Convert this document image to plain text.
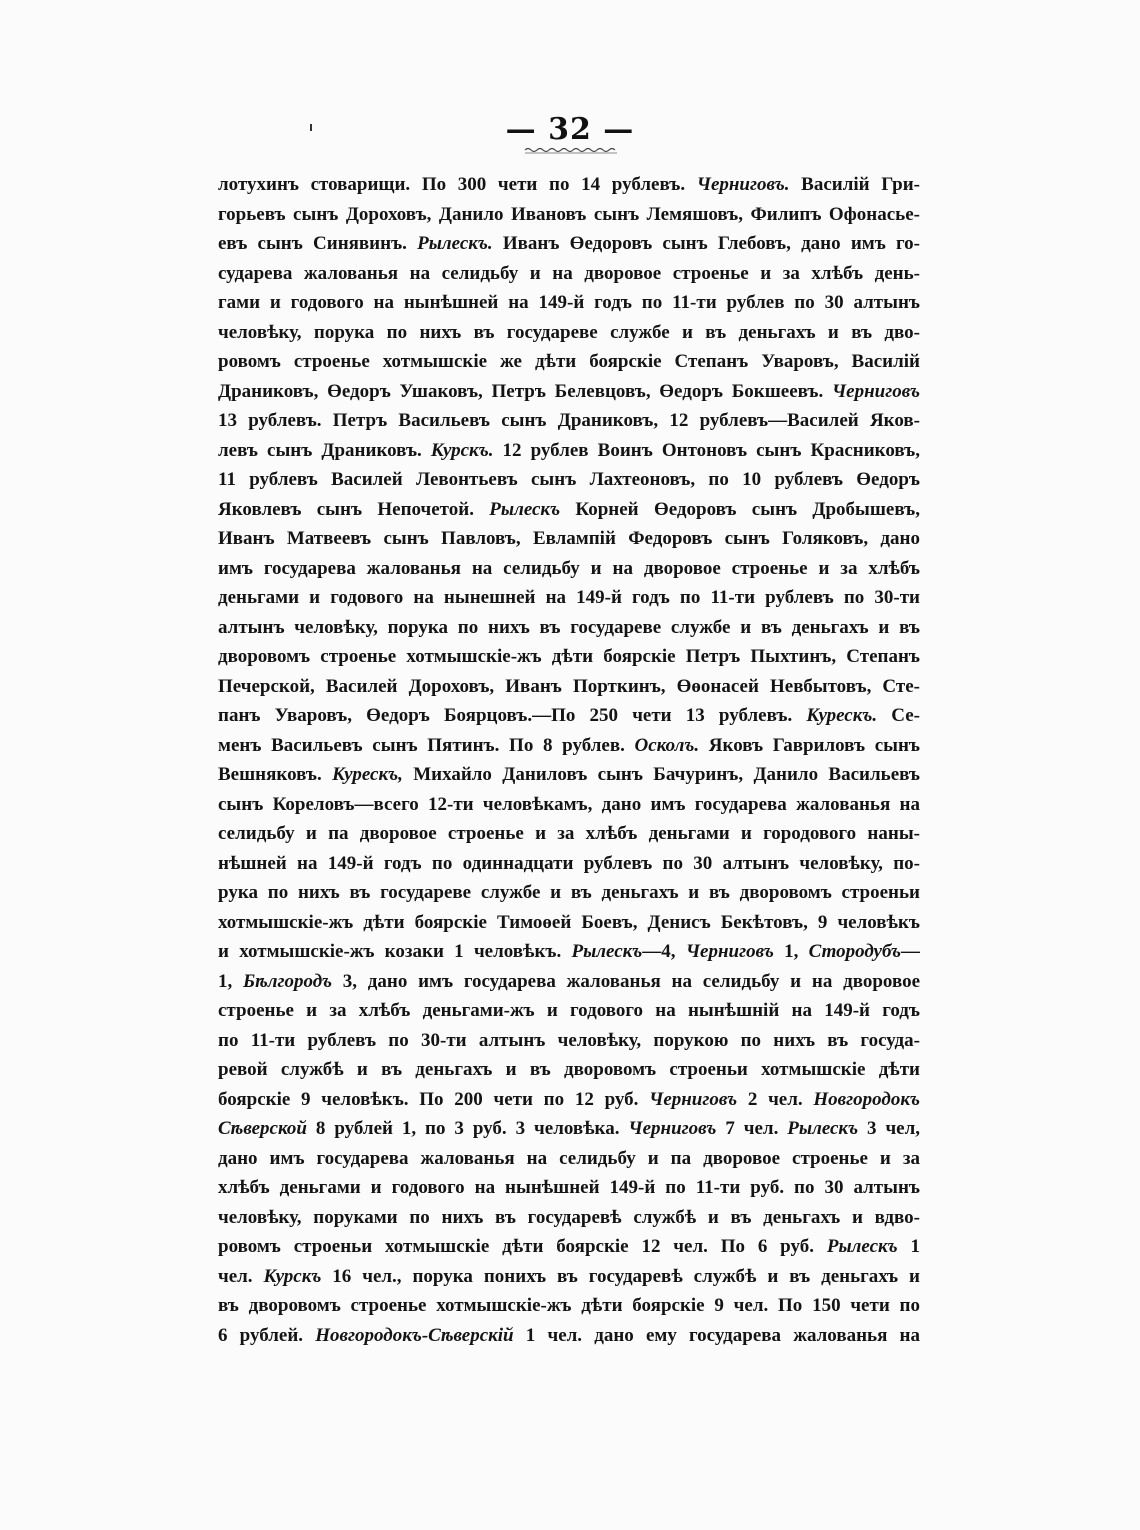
— 32 —
лотухинъ стоварищи. По 300 чети по 14 рублевъ. Черниговъ. Василій Гри-
горьевъ сынъ Дороховъ, Данило Ивановъ сынъ Лемяшовъ, Филипъ Офонасье-
евъ сынъ Синявинъ. Рылескъ. Иванъ Өедоровъ сынъ Глебовъ, дано имъ го-
сударева жалованья на селидьбу и на дворовое строенье и за хлѣбъ день-
гами и годового на нынѣшней на 149-й годъ по 11-ти рублев по 30 алтынъ
человѣку, порука по нихъ въ государеве службе и въ деньгахъ и въ дво-
ровомъ строенье хотмышскіе же дѣти боярскіе Степанъ Уваровъ, Василій
Драниковъ, Өедоръ Ушаковъ, Петръ Белевцовъ, Өедоръ Бокшеевъ. Черниговъ
13 рублевъ. Петръ Васильевъ сынъ Драниковъ, 12 рублевъ—Василей Яков-
левъ сынъ Драниковъ. Курскъ. 12 рублев Воинъ Онтоновъ сынъ Красниковъ,
11 рублевъ Василей Левонтьевъ сынъ Лахтеоновъ, по 10 рублевъ Өедоръ
Яковлевъ сынъ Непочетой. Рылескъ Корней Өедоровъ сынъ Дробышевъ,
Иванъ Матвеевъ сынъ Павловъ, Евлампій Федоровъ сынъ Голяковъ, дано
имъ государева жалованья на селидьбу и на дворовое строенье и за хлѣбъ
деньгами и годового на нынешней на 149-й годъ по 11-ти рублевъ по 30-ти
алтынъ человѣку, порука по нихъ въ государеве службе и въ деньгахъ и въ
дворовомъ строенье хотмышскіе-жъ дѣти боярскіе Петръ Пыхтинъ, Степанъ
Печерской, Василей Дороховъ, Иванъ Порткинъ, Өөонасей Невбытовъ, Сте-
панъ Уваровъ, Өедоръ Боярцовъ.—По 250 чети 13 рублевъ. Курескъ. Се-
менъ Васильевъ сынъ Пятинъ. По 8 рублев. Осколъ. Яковъ Гавриловъ сынъ
Вешняковъ. Курескъ, Михайло Даниловъ сынъ Бачуринъ, Данило Васильевъ
сынъ Кореловъ—всего 12-ти человѣкамъ, дано имъ государева жалованья на
селидьбу и па дворовое строенье и за хлѣбъ деньгами и городового наны-
нѣшней на 149-й годъ по одиннадцати рублевъ по 30 алтынъ человѣку, по-
рука по нихъ въ государеве службе и въ деньгахъ и въ дворовомъ строеньи
хотмышскіе-жъ дѣти боярскіе Тимоөей Боевъ, Денисъ Бекѣтовъ, 9 человѣкъ
и хотмышскіе-жъ козаки 1 человѣкъ. Рылескъ—4, Черниговъ 1, Стородубъ—
1, Бѣлгородъ 3, дано имъ государева жалованья на селидьбу и на дворовое
строенье и за хлѣбъ деньгами-жъ и годового на нынѣшній на 149-й годъ
по 11-ти рублевъ по 30-ти алтынъ человѣку, порукою по нихъ въ госуда-
ревой службѣ и въ деньгахъ и въ дворовомъ строеньи хотмышскіе дѣти
боярскіе 9 человѣкъ. По 200 чети по 12 руб. Черниговъ 2 чел. Новгородокъ
Сѣверской 8 рублей 1, по 3 руб. 3 человѣка. Черниговъ 7 чел. Рылескъ 3 чел,
дано имъ государева жалованья на селидьбу и па дворовое строенье и за
хлѣбъ деньгами и годового на нынѣшней 149-й по 11-ти руб. по 30 алтынъ
человѣку, поруками по нихъ въ государевѣ службѣ и въ деньгахъ и вдво-
ровомъ строеньи хотмышскіе дѣти боярскіе 12 чел. По 6 руб. Рылескъ 1
чел. Курскъ 16 чел., порука понихъ въ государевѣ службѣ и въ деньгахъ и
въ дворовомъ строенье хотмышскіе-жъ дѣти боярскіе 9 чел. По 150 чети по
6 рублей. Новгородокъ-Сѣверскій 1 чел. дано ему государева жалованья на
